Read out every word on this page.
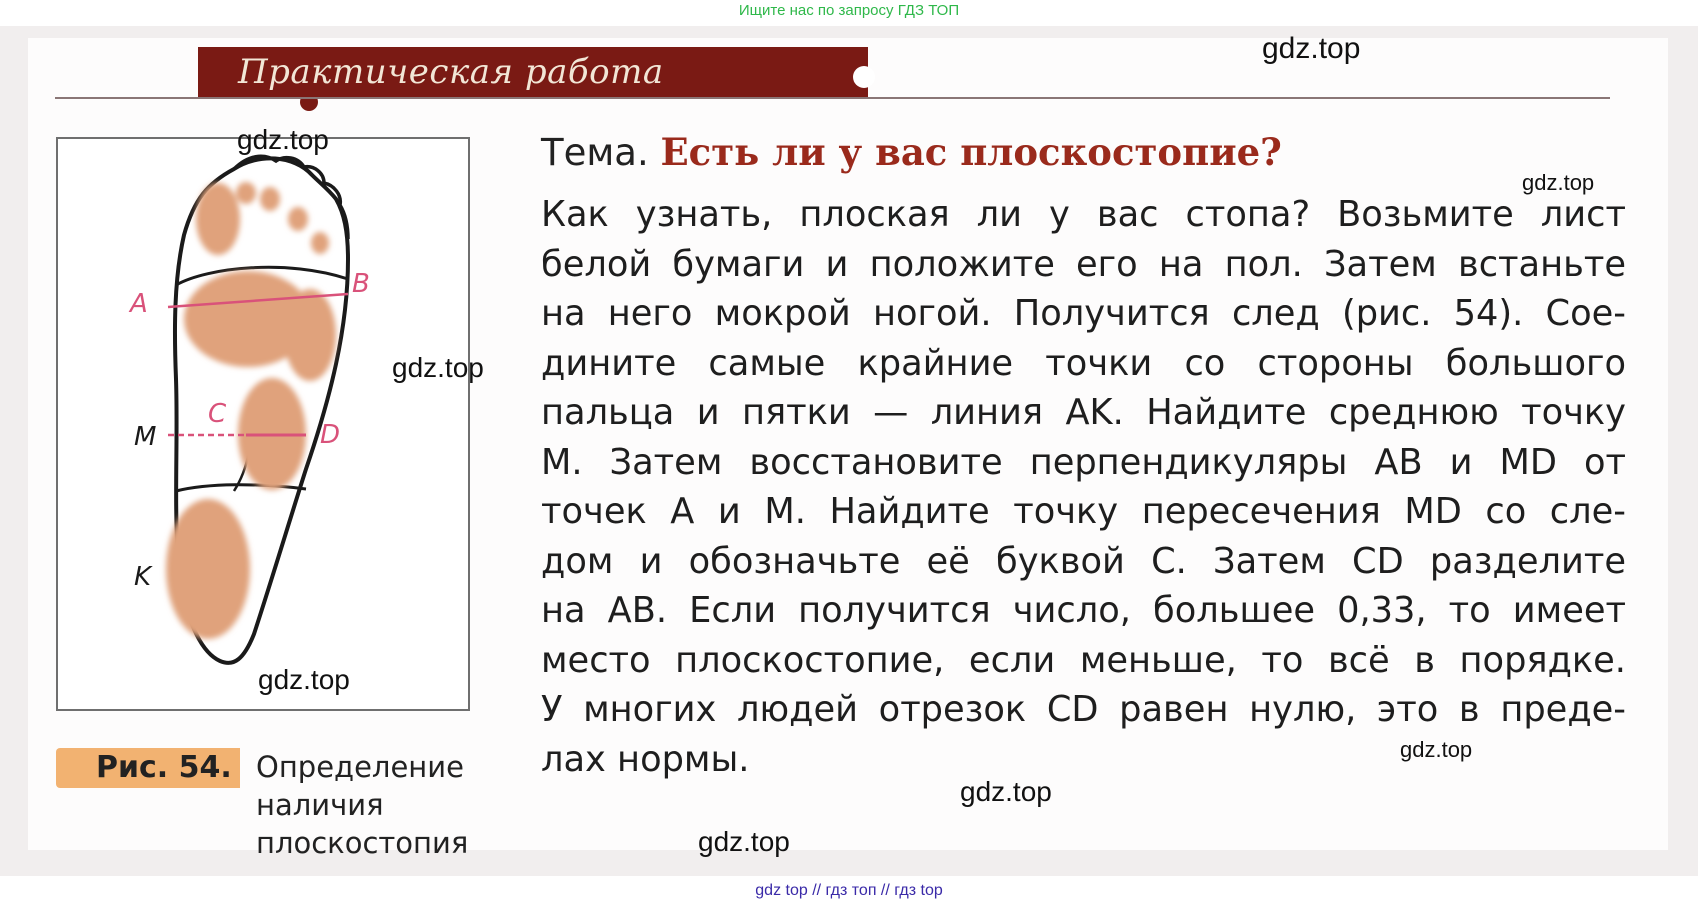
Ищите нас по запросу ГДЗ ТОП
Практическая работа
A
B
C
D
M
K
Рис. 54. Определение наличия плоскостопия
Тема. Есть ли у вас плоскостопие?
Как узнать, плоская ли у вас стопа? Возьмите лист
белой бумаги и положите его на пол. Затем встаньте
на него мокрой ногой. Получится след (рис. 54). Сое-
дините самые крайние точки со стороны большого
пальца и пятки — линия AK. Найдите среднюю точку
M. Затем восстановите перпендикуляры AB и MD от
точек A и M. Найдите точку пересечения MD со сле-
дом и обозначьте её буквой C. Затем CD разделите
на AB. Если получится число, большее 0,33, то имеет
место плоскостопие, если меньше, то всё в порядке.
У многих людей отрезок CD равен нулю, это в преде-
лах нормы.
gdz.top
gdz.top
gdz.top
gdz.top
gdz.top
gdz.top
gdz.top
gdz.top
gdz top // гдз топ // гдз top
